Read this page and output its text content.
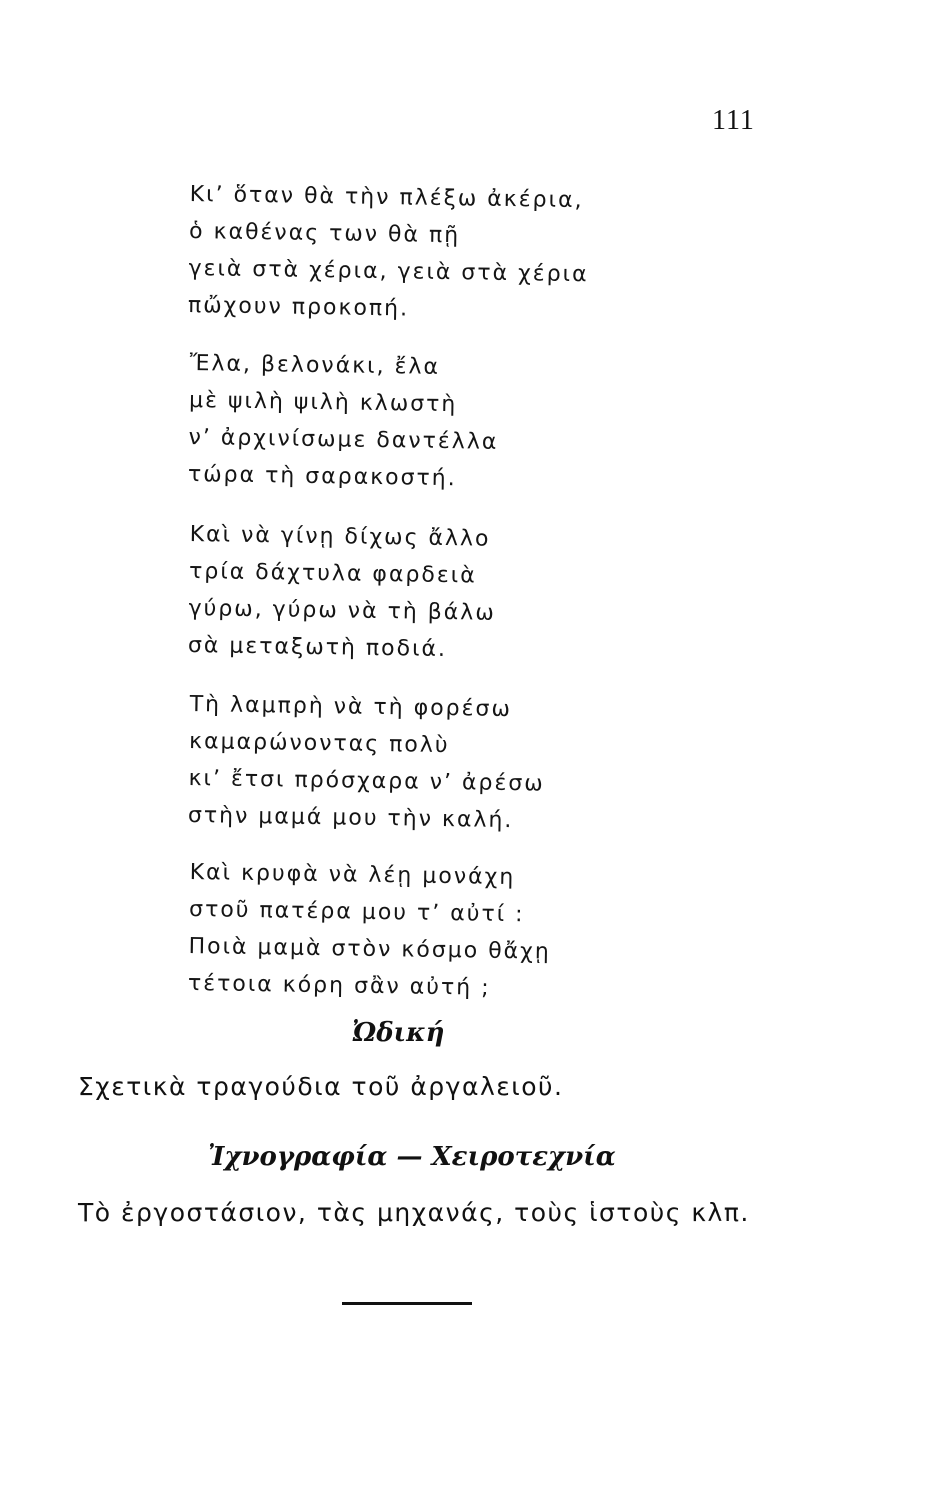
111
Κι’ ὅταν θὰ τὴν πλέξω ἀκέρια,
ὁ καθένας των θὰ πῇ
γειὰ στὰ χέρια, γειὰ στὰ χέρια
πὤχουν προκοπή.
Ἔλα, βελονάκι, ἔλα
μὲ ψιλὴ ψιλὴ κλωστὴ
ν’ ἀρχινίσωμε δαντέλλα
τώρα τὴ σαρακοστή.
Καὶ νὰ γίνῃ δίχως ἄλλο
τρία δάχτυλα φαρδειὰ
γύρω, γύρω νὰ τὴ βάλω
σὰ μεταξωτὴ ποδιά.
Τὴ λαμπρὴ νὰ τὴ φορέσω
καμαρώνοντας πολὺ
κι’ ἔτσι πρόσχαρα ν’ ἀρέσω
στὴν μαμά μου τὴν καλή.
Καὶ κρυφὰ νὰ λέῃ μονάχη
στοῦ πατέρα μου τ’ αὐτί :
Ποιὰ μαμὰ στὸν κόσμο θἄχῃ
τέτοια κόρη σἂν αὐτή ;
Ὠδική
Σχετικὰ τραγούδια τοῦ ἀργαλειοῦ.
Ἰχνογραφία — Χειροτεχνία
Τὸ ἐργοστάσιον, τὰς μηχανάς, τοὺς ἱστοὺς κλπ.
